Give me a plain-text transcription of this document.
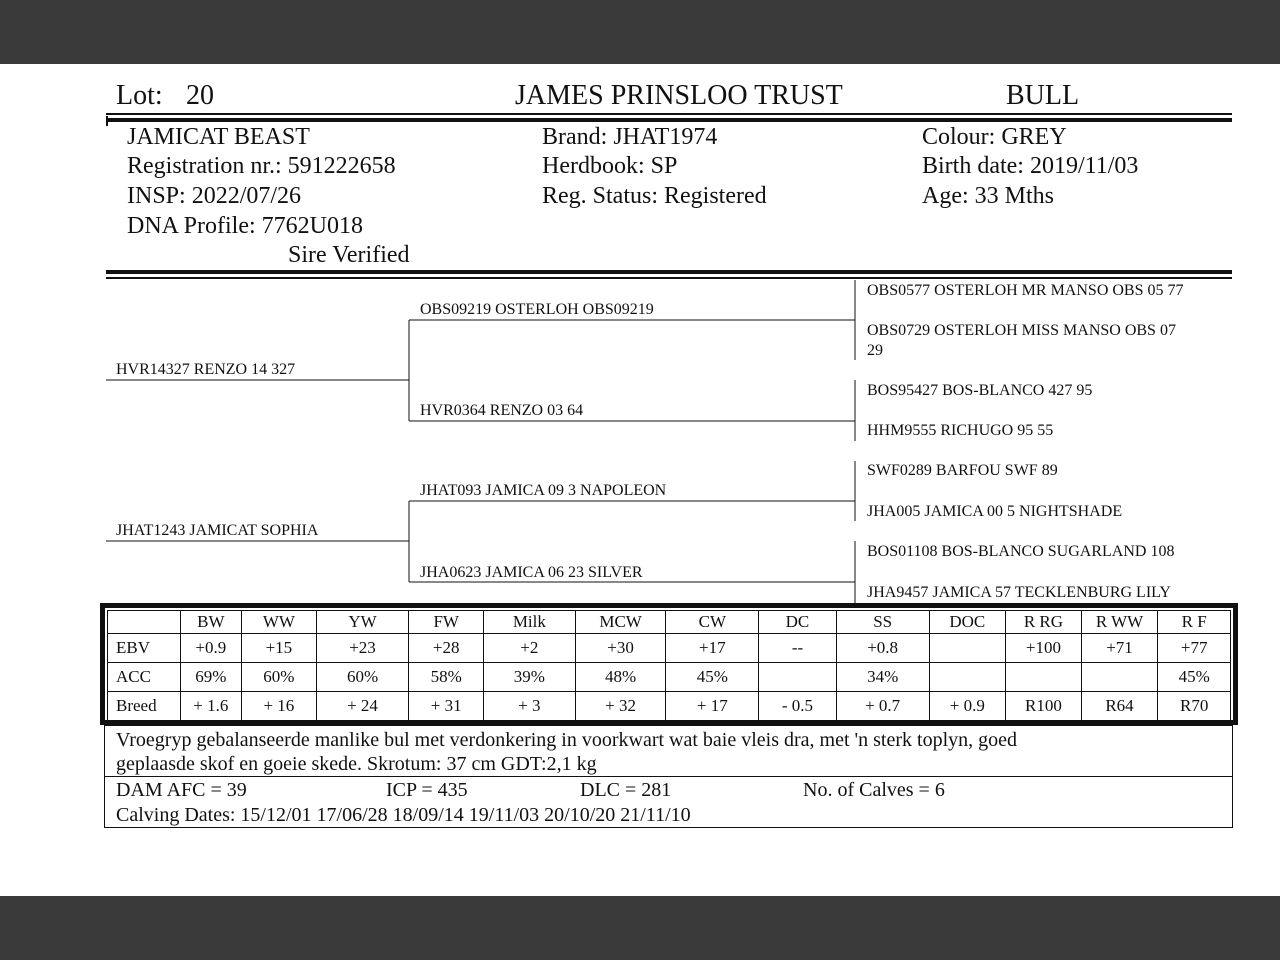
Lot: 20	JAMES PRINSLOO TRUST	BULL
JAMICAT BEAST
Registration nr.: 591222658
INSP: 2022/07/26
DNA Profile: 7762U018
Sire Verified
Brand: JHAT1974
Herdbook: SP
Reg. Status: Registered
Colour: GREY
Birth date: 2019/11/03
Age: 33 Mths
HVR14327 RENZO 14 327
JHAT1243 JAMICAT SOPHIA
OBS09219 OSTERLOH OBS09219
HVR0364 RENZO 03 64
JHAT093 JAMICA 09 3 NAPOLEON
JHA0623 JAMICA 06 23 SILVER
OBS0577 OSTERLOH MR MANSO OBS 05 77
OBS0729 OSTERLOH MISS MANSO OBS 07
29
BOS95427 BOS-BLANCO 427 95
HHM9555 RICHUGO 95 55
SWF0289 BARFOU SWF 89
JHA005 JAMICA 00 5 NIGHTSHADE
BOS01108 BOS-BLANCO SUGARLAND 108
JHA9457 JAMICA 57 TECKLENBURG LILY
	BW	WW	YW	FW	Milk	MCW	CW	DC	SS	DOC	R RG	R WW	R F
EBV	+0.9	+15	+23	+28	+2	+30	+17	--	+0.8		+100	+71	+77
ACC	69%	60%	60%	58%	39%	48%	45%		34%				45%
Breed	+ 1.6	+ 16	+ 24	+ 31	+ 3	+ 32	+ 17	- 0.5	+ 0.7	+ 0.9	R100	R64	R70
Vroegryp gebalanseerde manlike bul met verdonkering in voorkwart wat baie vleis dra, met 'n sterk toplyn, goed
geplaasde skof en goeie skede. Skrotum: 37 cm GDT:2,1 kg
DAM AFC = 39	ICP = 435	DLC = 281	No. of Calves = 6
Calving Dates: 15/12/01 17/06/28 18/09/14 19/11/03 20/10/20 21/11/10
